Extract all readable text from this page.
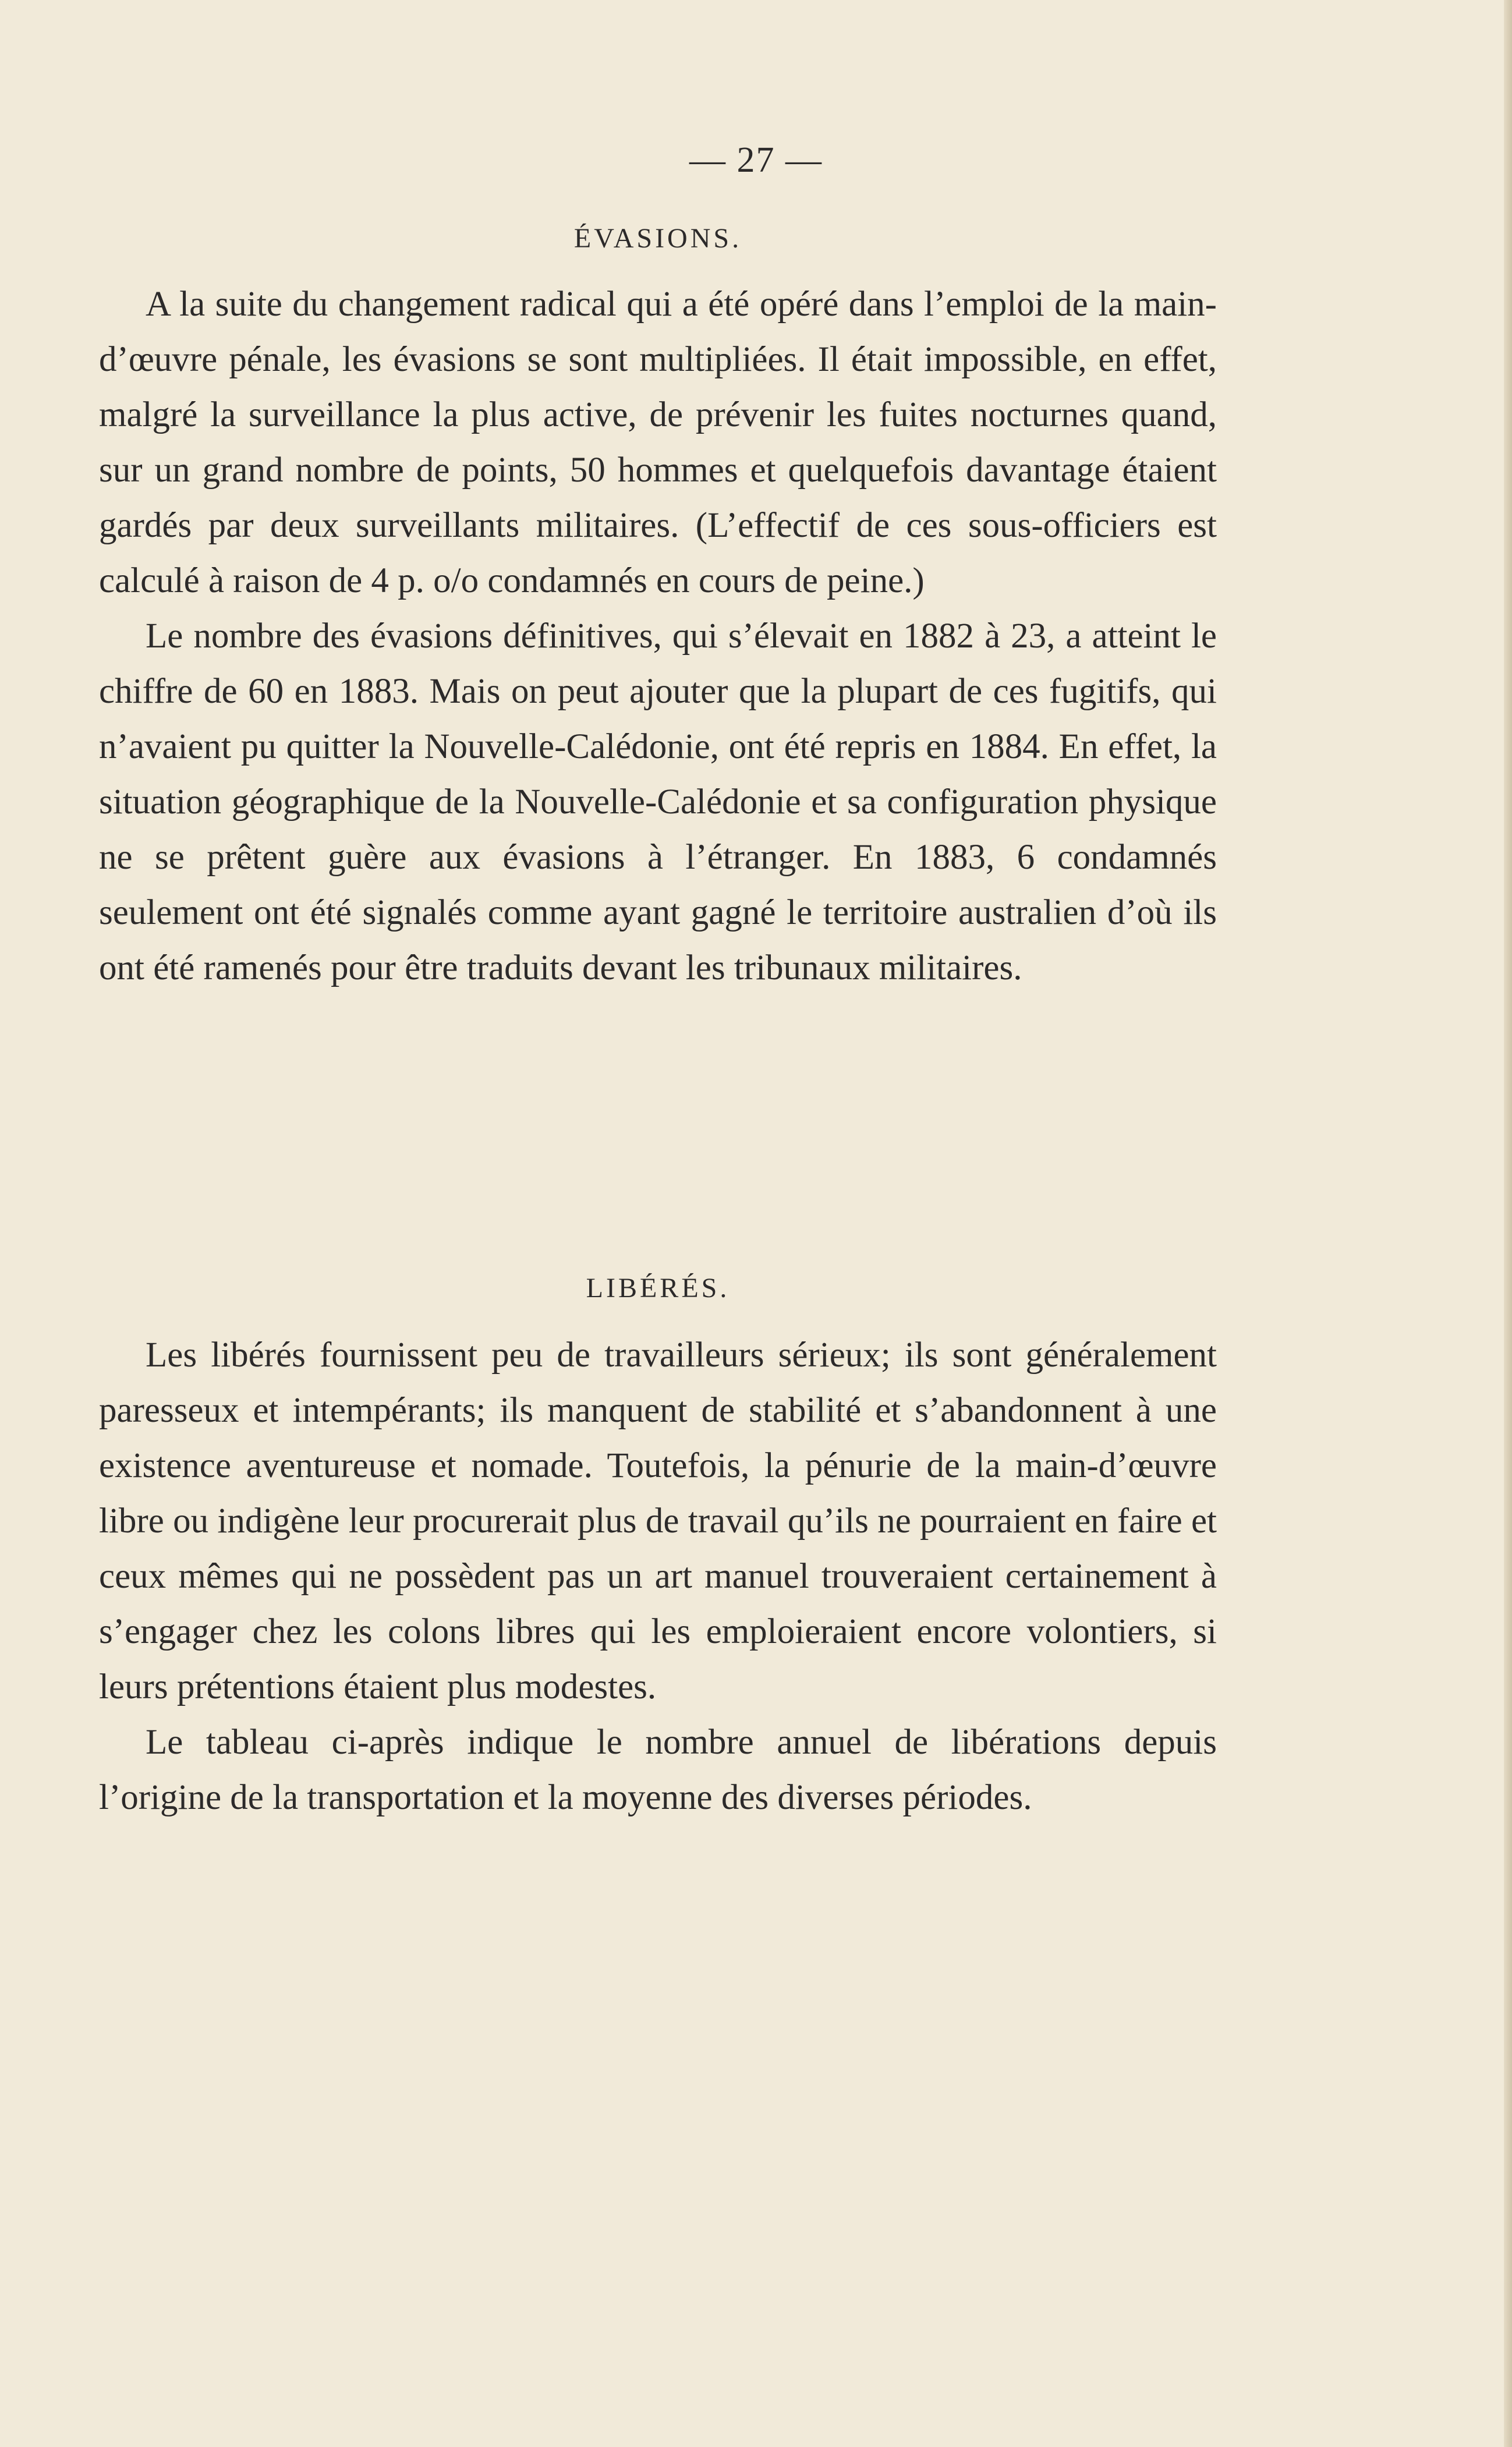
— 27 —
ÉVASIONS.

A la suite du changement radical qui a été opéré dans l’emploi de la main-d’œuvre pénale, les évasions se sont multipliées. Il était impossible, en effet, malgré la surveillance la plus active, de prévenir les fuites nocturnes quand, sur un grand nombre de points, 50 hommes et quelquefois davantage étaient gardés par deux surveillants militaires. (L’effectif de ces sous-officiers est calculé à raison de 4 p. o/o condamnés en cours de peine.)

Le nombre des évasions définitives, qui s’élevait en 1882 à 23, a atteint le chiffre de 60 en 1883. Mais on peut ajouter que la plupart de ces fugitifs, qui n’avaient pu quitter la Nouvelle-Calédonie, ont été repris en 1884. En effet, la situation géographique de la Nouvelle-Calédonie et sa configuration physique ne se prêtent guère aux évasions à l’étranger. En 1883, 6 condamnés seulement ont été signalés comme ayant gagné le territoire australien d’où ils ont été ramenés pour être traduits devant les tribunaux militaires.

LIBÉRÉS.

Les libérés fournissent peu de travailleurs sérieux; ils sont généralement paresseux et intempérants; ils manquent de stabilité et s’abandonnent à une existence aventureuse et nomade. Toutefois, la pénurie de la main-d’œuvre libre ou indigène leur procurerait plus de travail qu’ils ne pourraient en faire et ceux mêmes qui ne possèdent pas un art manuel trouveraient certainement à s’engager chez les colons libres qui les emploieraient encore volontiers, si leurs prétentions étaient plus modestes.

Le tableau ci-après indique le nombre annuel de libérations depuis l’origine de la transportation et la moyenne des diverses périodes.
